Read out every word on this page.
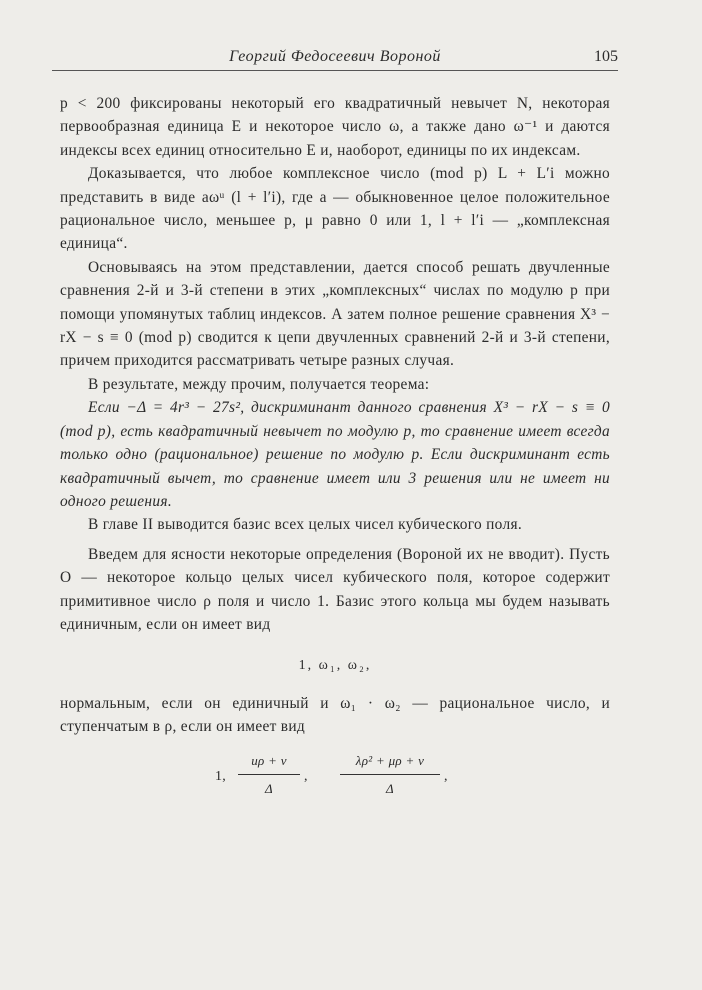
Георгий Федосеевич Вороной	105

p < 200 фиксированы некоторый его квадратичный невычет N, некоторая первообразная единица E и некоторое число ω, а также дано ω⁻¹ и даются индексы всех единиц относительно E и, наоборот, единицы по их индексам.

Доказывается, что любое комплексное число (mod p) L + L′i можно представить в виде aωᵘ (l + l′i), где a — обыкновенное целое положительное рациональное число, меньшее p, μ равно 0 или 1, l + l′i — „комплексная единица“.

Основываясь на этом представлении, дается способ решать двучленные сравнения 2-й и 3-й степени в этих „комплексных“ числах по модулю p при помощи упомянутых таблиц индексов. А затем полное решение сравнения X³ − rX − s ≡ 0 (mod p) сводится к цепи двучленных сравнений 2-й и 3-й степени, причем приходится рассматривать четыре разных случая.

В результате, между прочим, получается теорема:

Если −Δ = 4r³ − 27s², дискриминант данного сравнения X³ − rX − s ≡ 0 (mod p), есть квадратичный невычет по модулю p, то сравнение имеет всегда только одно (рациональное) решение по модулю p. Если дискриминант есть квадратичный вычет, то сравнение имеет или 3 решения или не имеет ни одного решения.

В главе II выводится базис всех целых чисел кубического поля.

Введем для ясности некоторые определения (Вороной их не вводит). Пусть O — некоторое кольцо целых чисел кубического поля, которое содержит примитивное число ρ поля и число 1. Базис этого кольца мы будем называть единичным, если он имеет вид

1, ω₁, ω₂,

нормальным, если он единичный и ω₁ · ω₂ — рациональное число, и ступенчатым в ρ, если он имеет вид

1, $\frac{u\rho + v}{\Delta}$ , $\frac{\text{λρ² + μρ + ν}}{\Delta}$ ,
